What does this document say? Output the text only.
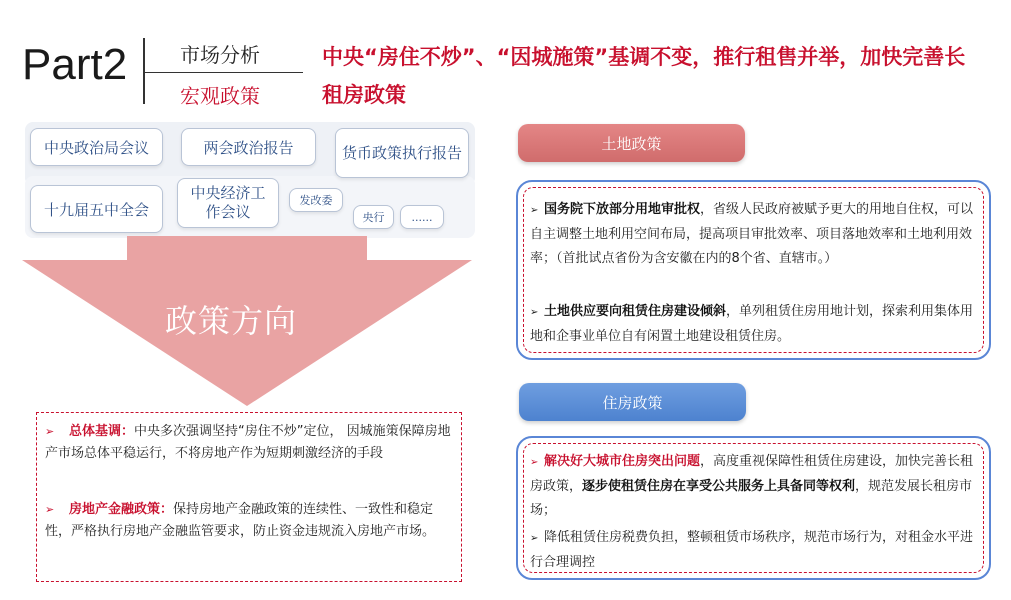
Part2	市场分析
宏观政策
中央“房住不炒”、“因城施策”基调不变，推行租售并举，加快完善长租房政策
中央政治局会议	两会政治报告	货币政策执行报告
十九届五中全会
中央经济工作会议
发改委
央行	......
政策方向
➢ 总体基调：中央多次强调坚持“房住不炒”定位， 因城施策保障房地产市场总体平稳运行，不将房地产作为短期刺激经济的手段
➢ 房地产金融政策：保持房地产金融政策的连续性、一致性和稳定性，严格执行房地产金融监管要求，防止资金违规流入房地产市场。
土地政策
➢ 国务院下放部分用地审批权，省级人民政府被赋予更大的用地自住权，可以自主调整土地利用空间布局，提高项目审批效率、项目落地效率和土地利用效率；（首批试点省份为含安徽在内的8个省、直辖市。）
➢ 土地供应要向租赁住房建设倾斜，单列租赁住房用地计划，探索利用集体用地和企事业单位自有闲置土地建设租赁住房。
住房政策
➢ 解决好大城市住房突出问题，高度重视保障性租赁住房建设，加快完善长租房政策，逐步使租赁住房在享受公共服务上具备同等权利，规范发展长租房市场；
➢ 降低租赁住房税费负担，整顿租赁市场秩序，规范市场行为，对租金水平进行合理调控
